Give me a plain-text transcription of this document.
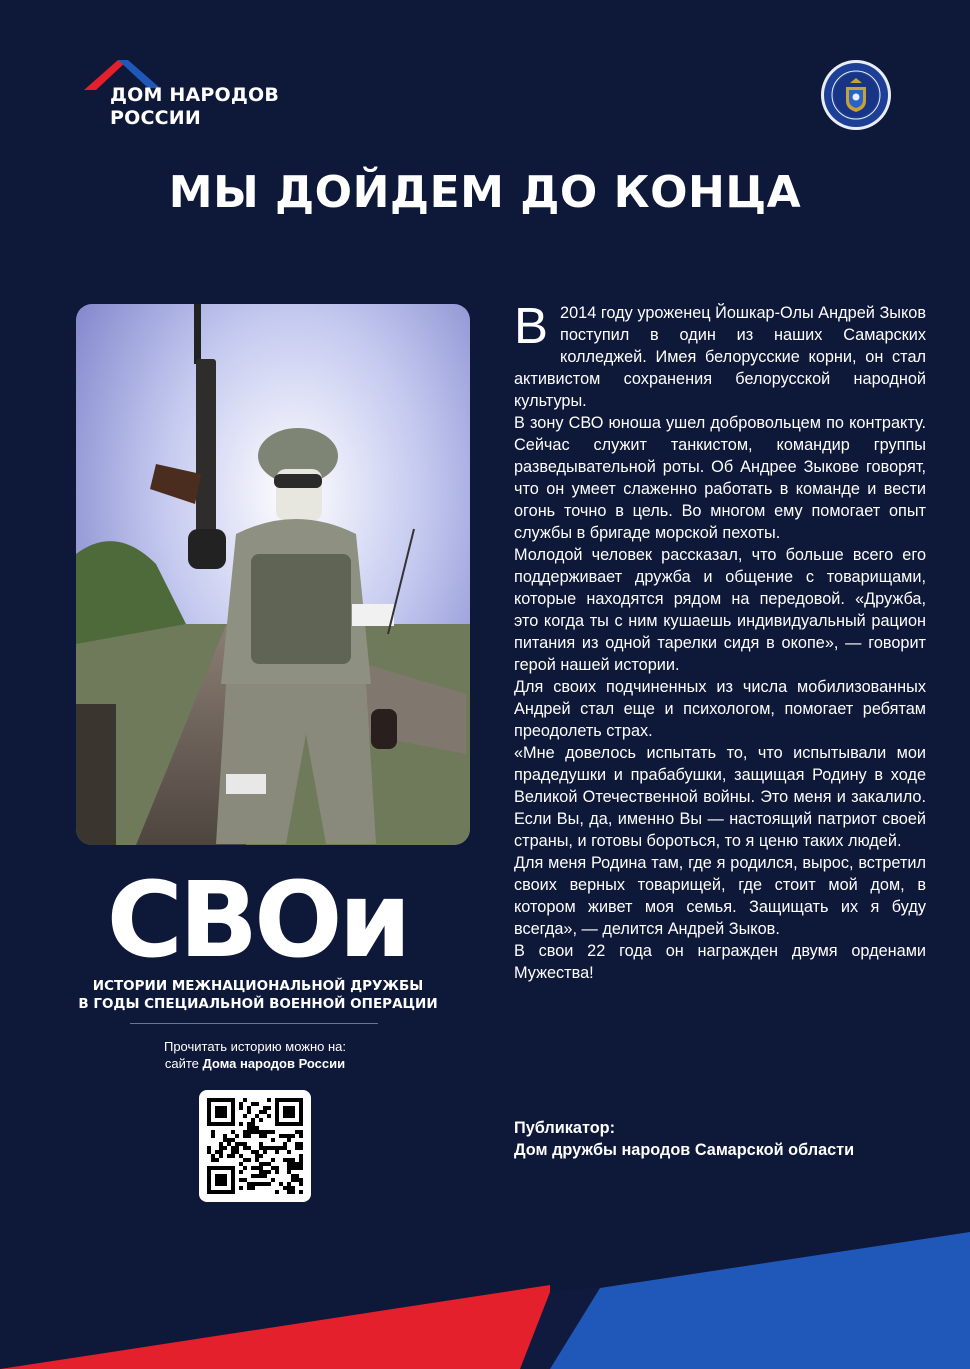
ДОМ НАРОДОВ
РОССИИ
МЫ ДОЙДЕМ ДО КОНЦА
СВОи
ИСТОРИИ МЕЖНАЦИОНАЛЬНОЙ ДРУЖБЫ
В ГОДЫ СПЕЦИАЛЬНОЙ ВОЕННОЙ ОПЕРАЦИИ
Прочитать историю можно на:
сайте Дома народов России

В 2014 году уроженец Йошкар-Олы Андрей Зыков поступил в один из наших Самарских колледжей. Имея белорусские корни, он стал активистом сохранения белорусской народной культуры.

В зону СВО юноша ушел добровольцем по контракту. Сейчас служит танкистом, командир группы разведывательной роты. Об Андрее Зыкове говорят, что он умеет слаженно работать в команде и вести огонь точно в цель. Во многом ему помогает опыт службы в бригаде морской пехоты.

Молодой человек рассказал, что больше всего его поддерживает дружба и общение с товарищами, которые находятся рядом на передовой. «Дружба, это когда ты с ним кушаешь индивидуальный рацион питания из одной тарелки сидя в окопе», — говорит герой нашей истории.

Для своих подчиненных из числа мобилизованных Андрей стал еще и психологом, помогает ребятам преодолеть страх.

«Мне довелось испытать то, что испытывали мои прадедушки и прабабушки, защищая Родину в ходе Великой Отечественной войны. Это меня и закалило. Если Вы, да, именно Вы — настоящий патриот своей страны, и готовы бороться, то я ценю таких людей.

Для меня Родина там, где я родился, вырос, встретил своих верных товарищей, где стоит мой дом, в котором живет моя семья. Защищать их я буду всегда», — делится Андрей Зыков.

В свои 22 года он награжден двумя орденами Мужества!

Публикатор:
Дом дружбы народов Самарской области
